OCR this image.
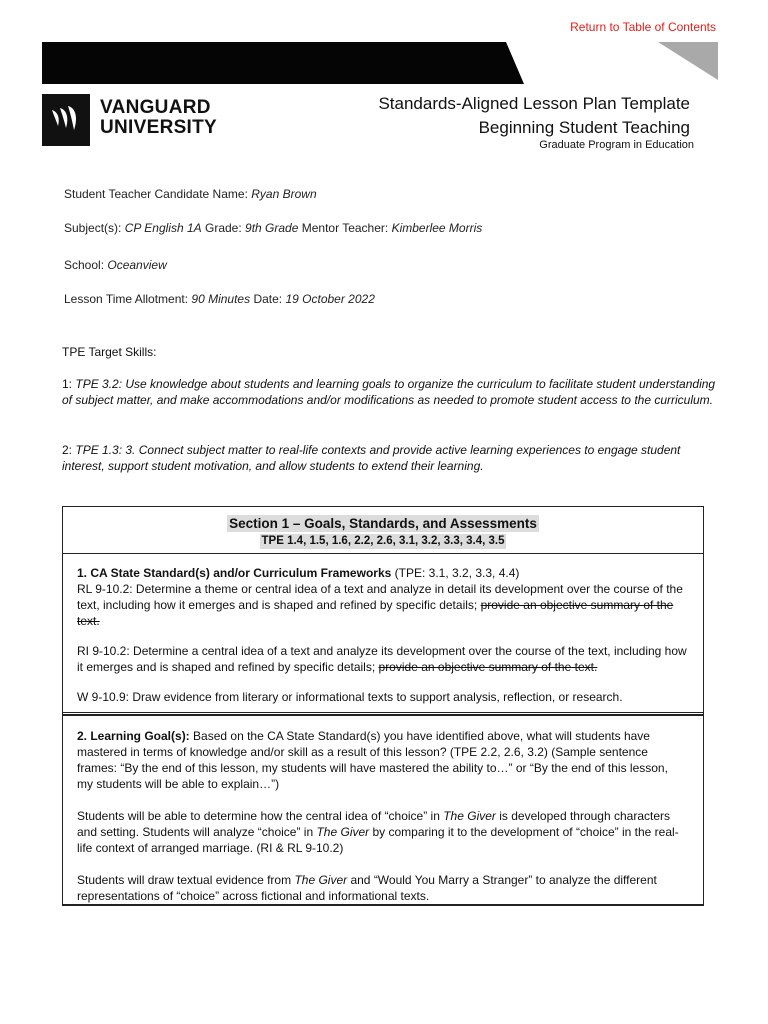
Return to Table of Contents
VANGUARD
UNIVERSITY
Standards-Aligned Lesson Plan Template
Beginning Student Teaching
Graduate Program in Education
Student Teacher Candidate Name: Ryan Brown
Subject(s): CP English 1A Grade: 9th Grade Mentor Teacher: Kimberlee Morris
School: Oceanview
Lesson Time Allotment: 90 Minutes Date: 19 October 2022
TPE Target Skills:
1: TPE 3.2: Use knowledge about students and learning goals to organize the curriculum to facilitate student understanding of subject matter, and make accommodations and/or modifications as needed to promote student access to the curriculum.
2: TPE 1.3: 3. Connect subject matter to real-life contexts and provide active learning experiences to engage student interest, support student motivation, and allow students to extend their learning.
Section 1 – Goals, Standards, and Assessments
TPE 1.4, 1.5, 1.6, 2.2, 2.6, 3.1, 3.2, 3.3, 3.4, 3.5

1. CA State Standard(s) and/or Curriculum Frameworks (TPE: 3.1, 3.2, 3.3, 4.4)

RL 9-10.2: Determine a theme or central idea of a text and analyze in detail its development over the course of the text, including how it emerges and is shaped and refined by specific details; provide an objective summary of the text.

RI 9-10.2: Determine a central idea of a text and analyze its development over the course of the text, including how it emerges and is shaped and refined by specific details; provide an objective summary of the text.

W 9-10.9: Draw evidence from literary or informational texts to support analysis, reflection, or research.

2. Learning Goal(s): Based on the CA State Standard(s) you have identified above, what will students have mastered in terms of knowledge and/or skill as a result of this lesson? (TPE 2.2, 2.6, 3.2) (Sample sentence frames: “By the end of this lesson, my students will have mastered the ability to…” or “By the end of this lesson, my students will be able to explain…”)

Students will be able to determine how the central idea of “choice” in The Giver is developed through characters and setting. Students will analyze “choice” in The Giver by comparing it to the development of “choice” in the real-life context of arranged marriage. (RI & RL 9-10.2)

Students will draw textual evidence from The Giver and “Would You Marry a Stranger” to analyze the different representations of “choice” across fictional and informational texts.
